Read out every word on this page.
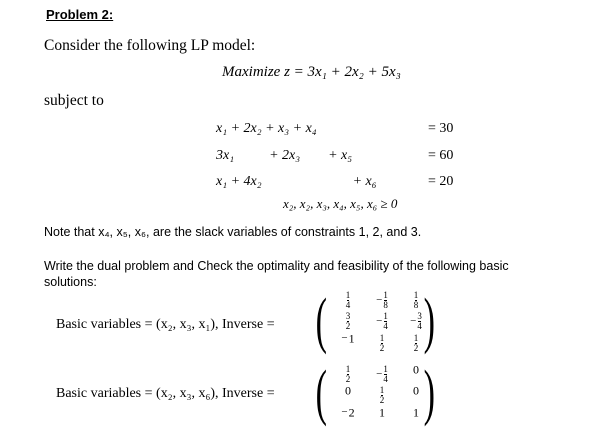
Problem 2:
Consider the following LP model:
Maximize z = 3x₁ + 2x₂ + 5x₃
subject to
x₁ + 2x₂ + x₃ + x₄	= 30
3x₁          + 2x₃        + x₅	= 60
x₁ + 4x₂                          + x₆	= 20
x₂, x₂, x₃, x₄, x₅, x₆ ≥ 0
Note that x₄, x₅, x₆, are the slack variables of constraints 1, 2, and 3.
Write the dual problem and Check the optimality and feasibility of the following basic solutions:
Basic variables = (x₂, x₃, x₁), Inverse = ( )
$\frac{1}{4}$	− $\frac{1}{8}$	$\frac{1}{8}$
$\frac{3}{2}$	− $\frac{1}{4}$	− $\frac{3}{4}$
−1	$\frac{1}{2}$	$\frac{1}{2}$
Basic variables = (x₂, x₃, x₆), Inverse = ( )
$\frac{1}{2}$	− $\frac{1}{4}$	0
0	$\frac{1}{2}$	0
−2	1	1
